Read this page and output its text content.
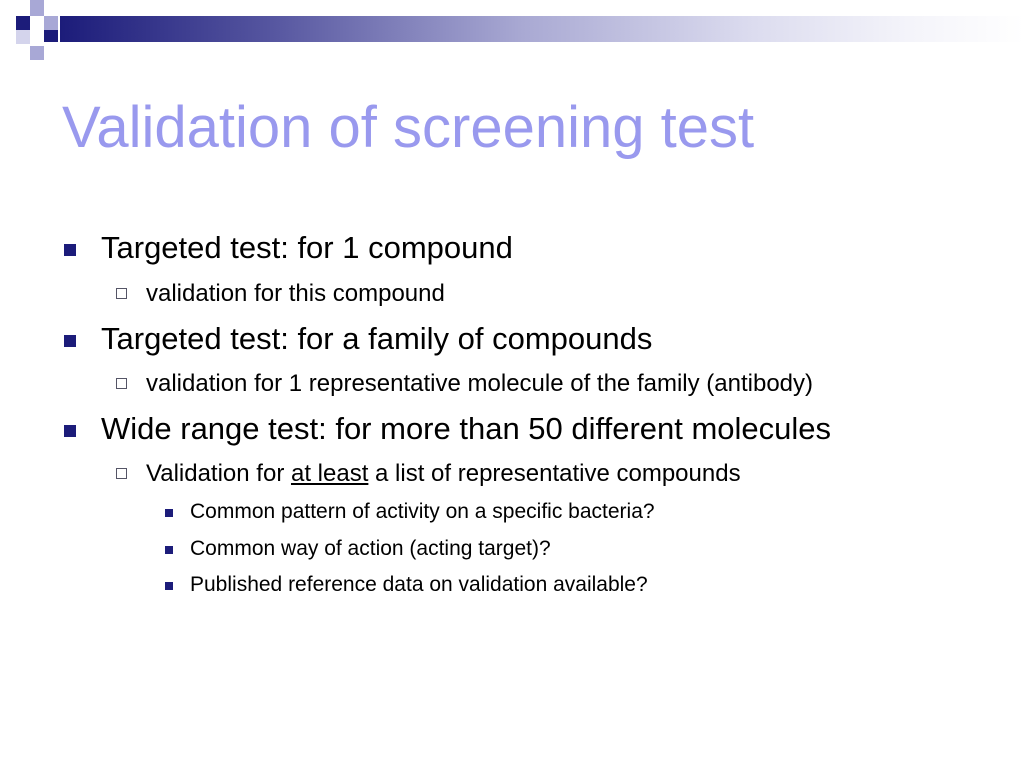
Validation of screening test
Targeted test: for 1 compound
validation for this compound
Targeted test: for a family of compounds
validation for 1 representative molecule of the family (antibody)
Wide range test: for more than 50 different molecules
Validation for at least a list of representative compounds
Common pattern of activity on a specific bacteria?
Common way of action (acting target)?
Published reference data on validation available?
